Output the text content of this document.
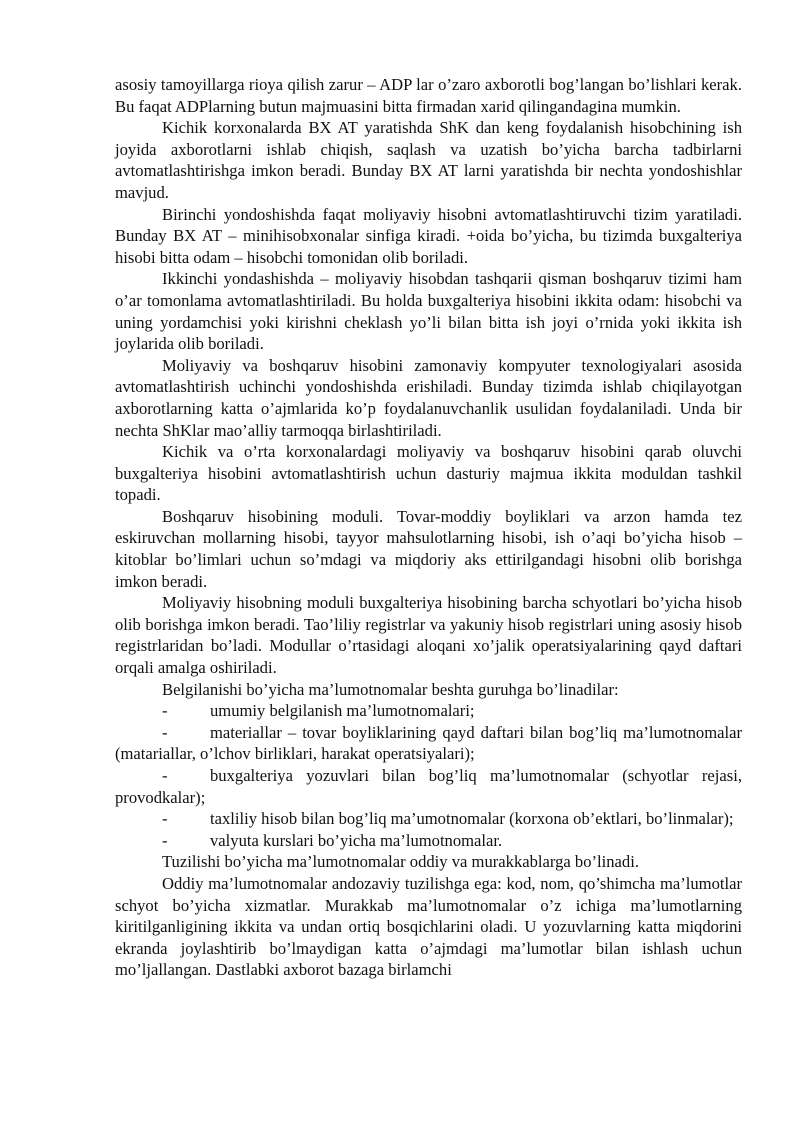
asosiy tamoyillarga rioya qilish zarur – ADP lar o’zaro axborotli bog’langan bo’lishlari kerak. Bu faqat ADPlarning butun majmuasini bitta firmadan xarid qilingandagina mumkin.

Kichik korxonalarda BX AT yaratishda ShK dan keng foydalanish hisobchining ish joyida axborotlarni ishlab chiqish, saqlash va uzatish bo’yicha barcha tadbirlarni avtomatlashtirishga imkon beradi. Bunday BX AT larni yaratishda bir nechta yondoshishlar mavjud.

Birinchi yondoshishda faqat moliyaviy hisobni avtomatlashtiruvchi tizim yaratiladi. Bunday BX AT – minihisobxonalar sinfiga kiradi. +oida bo’yicha, bu tizimda buxgalteriya hisobi bitta odam – hisobchi tomonidan olib boriladi.

Ikkinchi yondashishda – moliyaviy hisobdan tashqarii qisman boshqaruv tizimi ham o’ar tomonlama avtomatlashtiriladi. Bu holda buxgalteriya hisobini ikkita odam: hisobchi va uning yordamchisi yoki kirishni cheklash yo’li bilan bitta ish joyi o’rnida yoki ikkita ish joylarida olib boriladi.

Moliyaviy va boshqaruv hisobini zamonaviy kompyuter texnologiyalari asosida avtomatlashtirish uchinchi yondoshishda erishiladi. Bunday tizimda ishlab chiqilayotgan axborotlarning katta o’ajmlarida ko’p foydalanuvchanlik usulidan foydalaniladi. Unda bir nechta ShKlar mao’alliy tarmoqqa birlashtiriladi.

Kichik va o’rta korxonalardagi moliyaviy va boshqaruv hisobini qarab oluvchi buxgalteriya hisobini avtomatlashtirish uchun dasturiy majmua ikkita moduldan tashkil topadi.

Boshqaruv hisobining moduli. Tovar-moddiy boyliklari va arzon hamda tez eskiruvchan mollarning hisobi, tayyor mahsulotlarning hisobi, ish o’aqi bo’yicha hisob –kitoblar bo’limlari uchun so’mdagi va miqdoriy aks ettirilgandagi hisobni olib borishga imkon beradi.

Moliyaviy hisobning moduli buxgalteriya hisobining barcha schyotlari bo’yicha hisob olib borishga imkon beradi. Tao’liliy registrlar va yakuniy hisob registrlari uning asosiy hisob registrlaridan bo’ladi. Modullar o’rtasidagi aloqani xo’jalik operatsiyalarining qayd daftari orqali amalga oshiriladi.

Belgilanishi bo’yicha ma’lumotnomalar beshta guruhga bo’linadilar:

-	umumiy belgilanish ma’lumotnomalari;

-	materiallar – tovar boyliklarining qayd daftari bilan bog’liq ma’lumotnomalar (matariallar, o’lchov birliklari, harakat operatsiyalari);

-	buxgalteriya yozuvlari bilan bog’liq ma’lumotnomalar (schyotlar rejasi, provodkalar);

-	taxliliy hisob bilan bog’liq ma’umotnomalar (korxona ob’ektlari, bo’linmalar);

-	valyuta kurslari bo’yicha ma’lumotnomalar.

Tuzilishi bo’yicha ma’lumotnomalar oddiy va murakkablarga bo’linadi.

Oddiy ma’lumotnomalar andozaviy tuzilishga ega: kod, nom, qo’shimcha ma’lumotlar schyot bo’yicha xizmatlar. Murakkab ma’lumotnomalar o’z ichiga ma’lumotlarning kiritilganligining ikkita va undan ortiq bosqichlarini oladi. U yozuvlarning katta miqdorini ekranda joylashtirib bo’lmaydigan katta o’ajmdagi ma’lumotlar bilan ishlash uchun mo’ljallangan. Dastlabki axborot bazaga birlamchi
